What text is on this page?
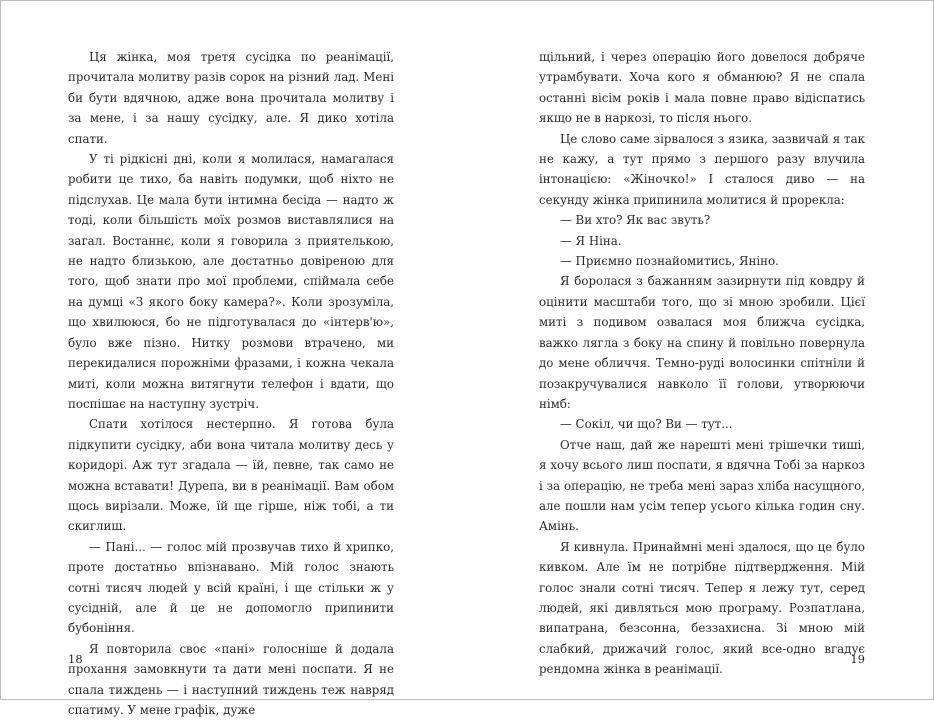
Ця жінка, моя третя сусідка по реанімації, прочитала молитву разів сорок на різний лад. Мені би бути вдячною, адже вона прочитала молитву і за мене, і за нашу сусідку, але. Я дико хотіла спати.

У ті рідкісні дні, коли я молилася, намагалася робити це тихо, ба навіть подумки, щоб ніхто не підслухав. Це мала бути інтимна бесіда — надто ж тоді, коли більшість моїх розмов виставлялися на загал. Востаннє, коли я говорила з приятелькою, не надто близькою, але достатньо довіреною для того, щоб знати про мої проблеми, спіймала себе на думці «З якого боку камера?». Коли зрозуміла, що хвилююся, бо не підготувалася до «інтерв'ю», було вже пізно. Нитку розмови втрачено, ми перекидалися порожніми фразами, і кожна чекала миті, коли можна витягнути телефон і вдати, що поспішає на наступну зустріч.

Спати хотілося нестерпно. Я готова була підкупити сусідку, аби вона читала молитву десь у коридорі. Аж тут згадала — їй, певне, так само не можна вставати! Дурепа, ви в реанімації. Вам обом щось вирізали. Може, їй ще гірше, ніж тобі, а ти скиглиш.

— Пані... — голос мій прозвучав тихо й хрипко, проте достатньо впізнавано. Мій голос знають сотні тисяч людей у всій країні, і ще стільки ж у сусідній, але й це не допомогло припинити бубоніння.

Я повторила своє «пані» голосніше й додала прохання замовкнути та дати мені поспати. Я не спала тиждень — і наступний тиждень теж навряд спатиму. У мене графік, дуже

18

щільний, і через операцію його довелося добряче утрамбувати. Хоча кого я обманюю? Я не спала останні вісім років і мала повне право відіспатись якщо не в наркозі, то після нього.

Це слово саме зірвалося з язика, зазвичай я так не кажу, а тут прямо з першого разу влучила інтонацією: «Жіночко!» І сталося диво — на секунду жінка припинила молитися й прорекла:

— Ви хто? Як вас звуть?

— Я Ніна.

— Приємно познайомитись, Яніно.

Я боролася з бажанням зазирнути під ковдру й оцінити масштаби того, що зі мною зробили. Цієї миті з подивом озвалася моя ближча сусідка, важко лягла з боку на спину й повільно повернула до мене обличчя. Темно-руді волосинки спітніли й позакручувалися навколо її голови, утворюючи німб:

— Сокіл, чи що? Ви — тут...

Отче наш, дай же нарешті мені трішечки тиші, я хочу всього лиш поспати, я вдячна Тобі за наркоз і за операцію, не треба мені зараз хліба насущного, але пошли нам усім тепер усього кілька годин сну. Амінь.

Я кивнула. Принаймні мені здалося, що це було кивком. Але їм не потрібне підтвердження. Мій голос знали сотні тисяч. Тепер я лежу тут, серед людей, які дивляться мою програму. Розпатлана, випатрана, безсонна, беззахисна. Зі мною мій слабкий, дрижачий голос, який все-одно вгадує рендомна жінка в реанімації.

19
